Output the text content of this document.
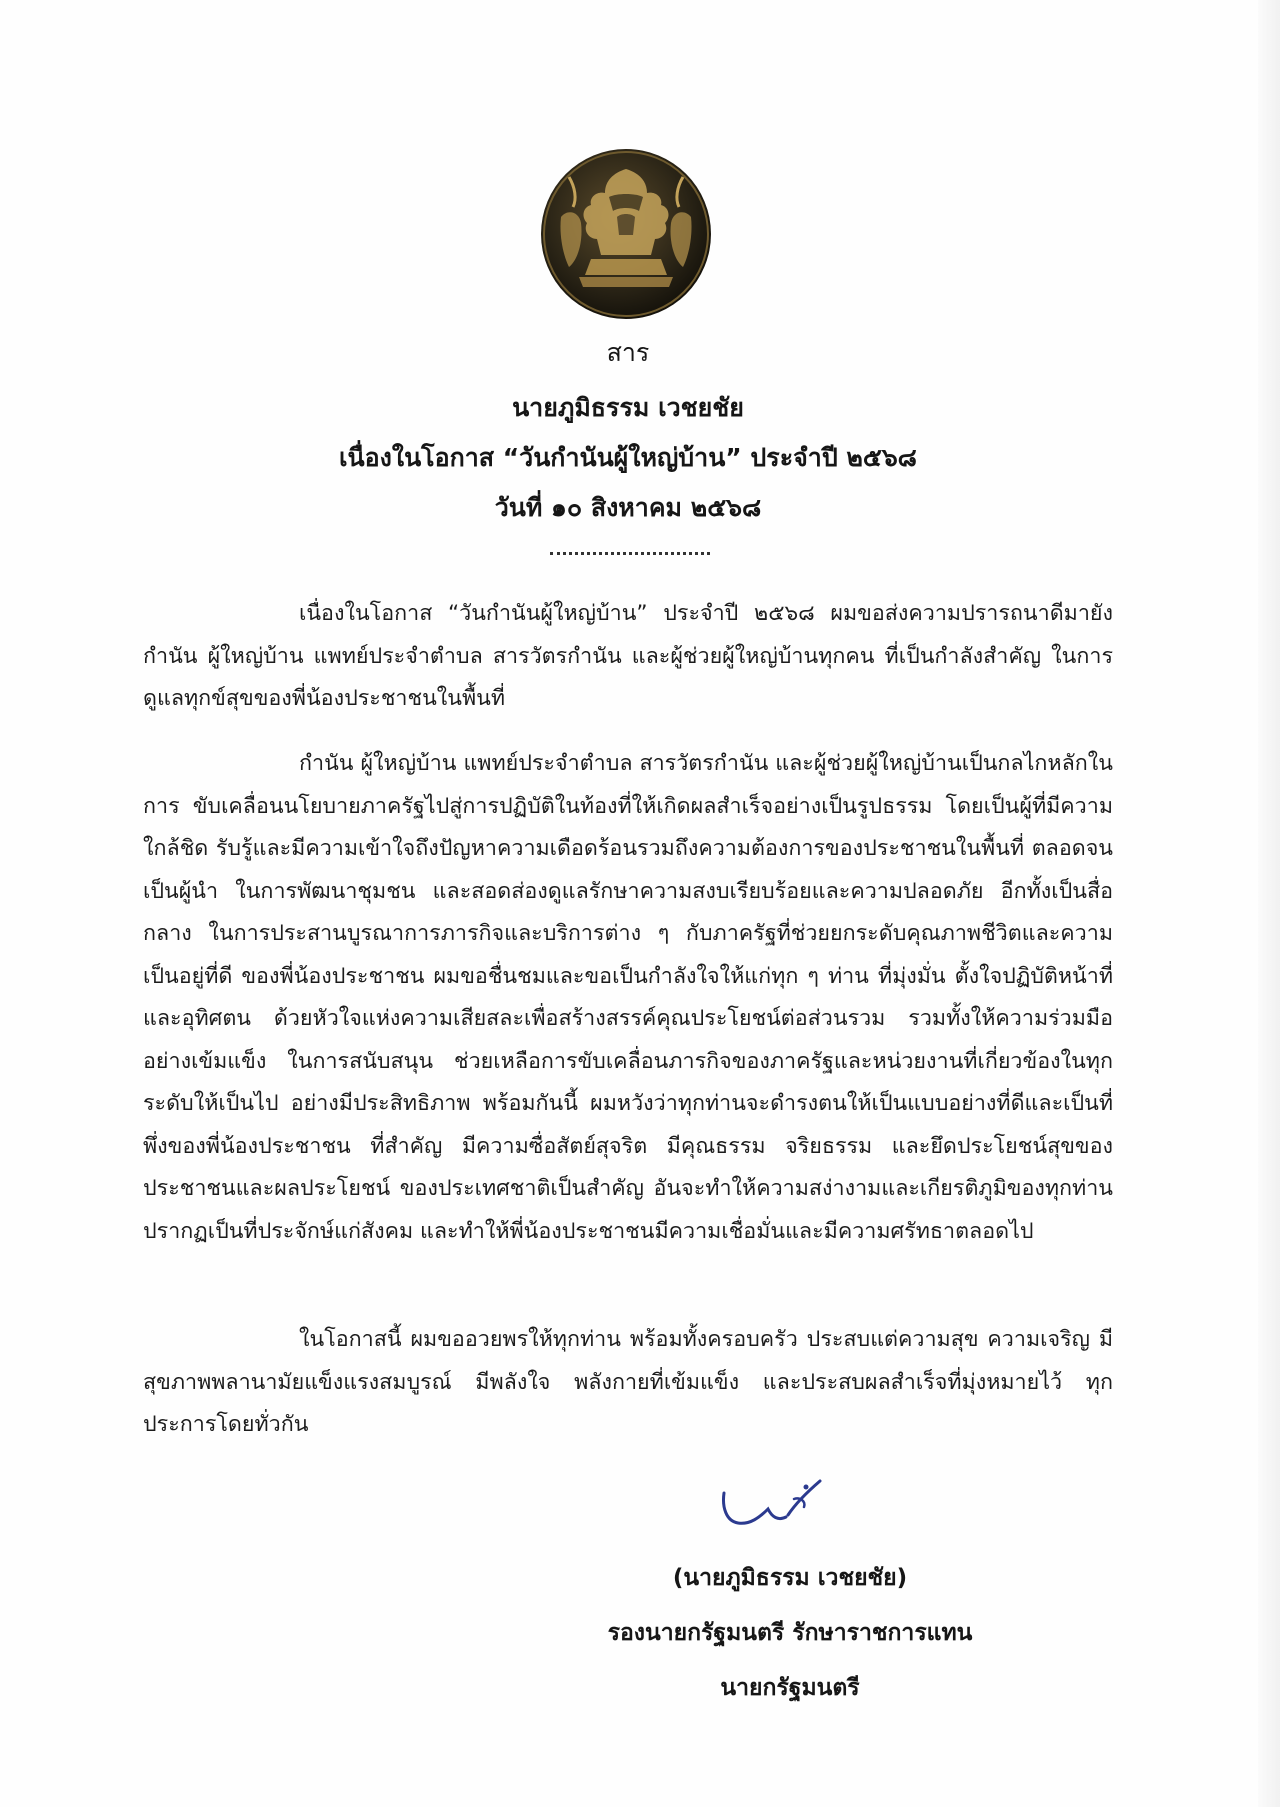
สาร
นายภูมิธรรม เวชยชัย
เนื่องในโอกาส “วันกำนันผู้ใหญ่บ้าน” ประจำปี ๒๕๖๘
วันที่ ๑๐ สิงหาคม ๒๕๖๘
เนื่องในโอกาส “วันกำนันผู้ใหญ่บ้าน” ประจำปี ๒๕๖๘ ผมขอส่งความปรารถนาดีมายัง กำนัน ผู้ใหญ่บ้าน แพทย์ประจำตำบล สารวัตรกำนัน และผู้ช่วยผู้ใหญ่บ้านทุกคน ที่เป็นกำลังสำคัญ ในการดูแลทุกข์สุขของพี่น้องประชาชนในพื้นที่
กำนัน ผู้ใหญ่บ้าน แพทย์ประจำตำบล สารวัตรกำนัน และผู้ช่วยผู้ใหญ่บ้านเป็นกลไกหลักในการ ขับเคลื่อนนโยบายภาครัฐไปสู่การปฏิบัติในท้องที่ให้เกิดผลสำเร็จอย่างเป็นรูปธรรม โดยเป็นผู้ที่มีความใกล้ชิด รับรู้และมีความเข้าใจถึงปัญหาความเดือดร้อนรวมถึงความต้องการของประชาชนในพื้นที่ ตลอดจนเป็นผู้นำ ในการพัฒนาชุมชน และสอดส่องดูแลรักษาความสงบเรียบร้อยและความปลอดภัย อีกทั้งเป็นสื่อกลาง ในการประสานบูรณาการภารกิจและบริการต่าง ๆ กับภาครัฐที่ช่วยยกระดับคุณภาพชีวิตและความเป็นอยู่ที่ดี ของพี่น้องประชาชน ผมขอชื่นชมและขอเป็นกำลังใจให้แก่ทุก ๆ ท่าน ที่มุ่งมั่น ตั้งใจปฏิบัติหน้าที่และอุทิศตน ด้วยหัวใจแห่งความเสียสละเพื่อสร้างสรรค์คุณประโยชน์ต่อส่วนรวม รวมทั้งให้ความร่วมมืออย่างเข้มแข็ง ในการสนับสนุน ช่วยเหลือการขับเคลื่อนภารกิจของภาครัฐและหน่วยงานที่เกี่ยวข้องในทุกระดับให้เป็นไป อย่างมีประสิทธิภาพ พร้อมกันนี้ ผมหวังว่าทุกท่านจะดำรงตนให้เป็นแบบอย่างที่ดีและเป็นที่พึ่งของพี่น้องประชาชน ที่สำคัญ มีความซื่อสัตย์สุจริต มีคุณธรรม จริยธรรม และยึดประโยชน์สุขของประชาชนและผลประโยชน์ ของประเทศชาติเป็นสำคัญ อันจะทำให้ความสง่างามและเกียรติภูมิของทุกท่านปรากฏเป็นที่ประจักษ์แก่สังคม และทำให้พี่น้องประชาชนมีความเชื่อมั่นและมีความศรัทธาตลอดไป
ในโอกาสนี้ ผมขออวยพรให้ทุกท่าน พร้อมทั้งครอบครัว ประสบแต่ความสุข ความเจริญ มีสุขภาพพลานามัยแข็งแรงสมบูรณ์ มีพลังใจ พลังกายที่เข้มแข็ง และประสบผลสำเร็จที่มุ่งหมายไว้ ทุกประการโดยทั่วกัน
(นายภูมิธรรม เวชยชัย)
รองนายกรัฐมนตรี รักษาราชการแทน
นายกรัฐมนตรี
